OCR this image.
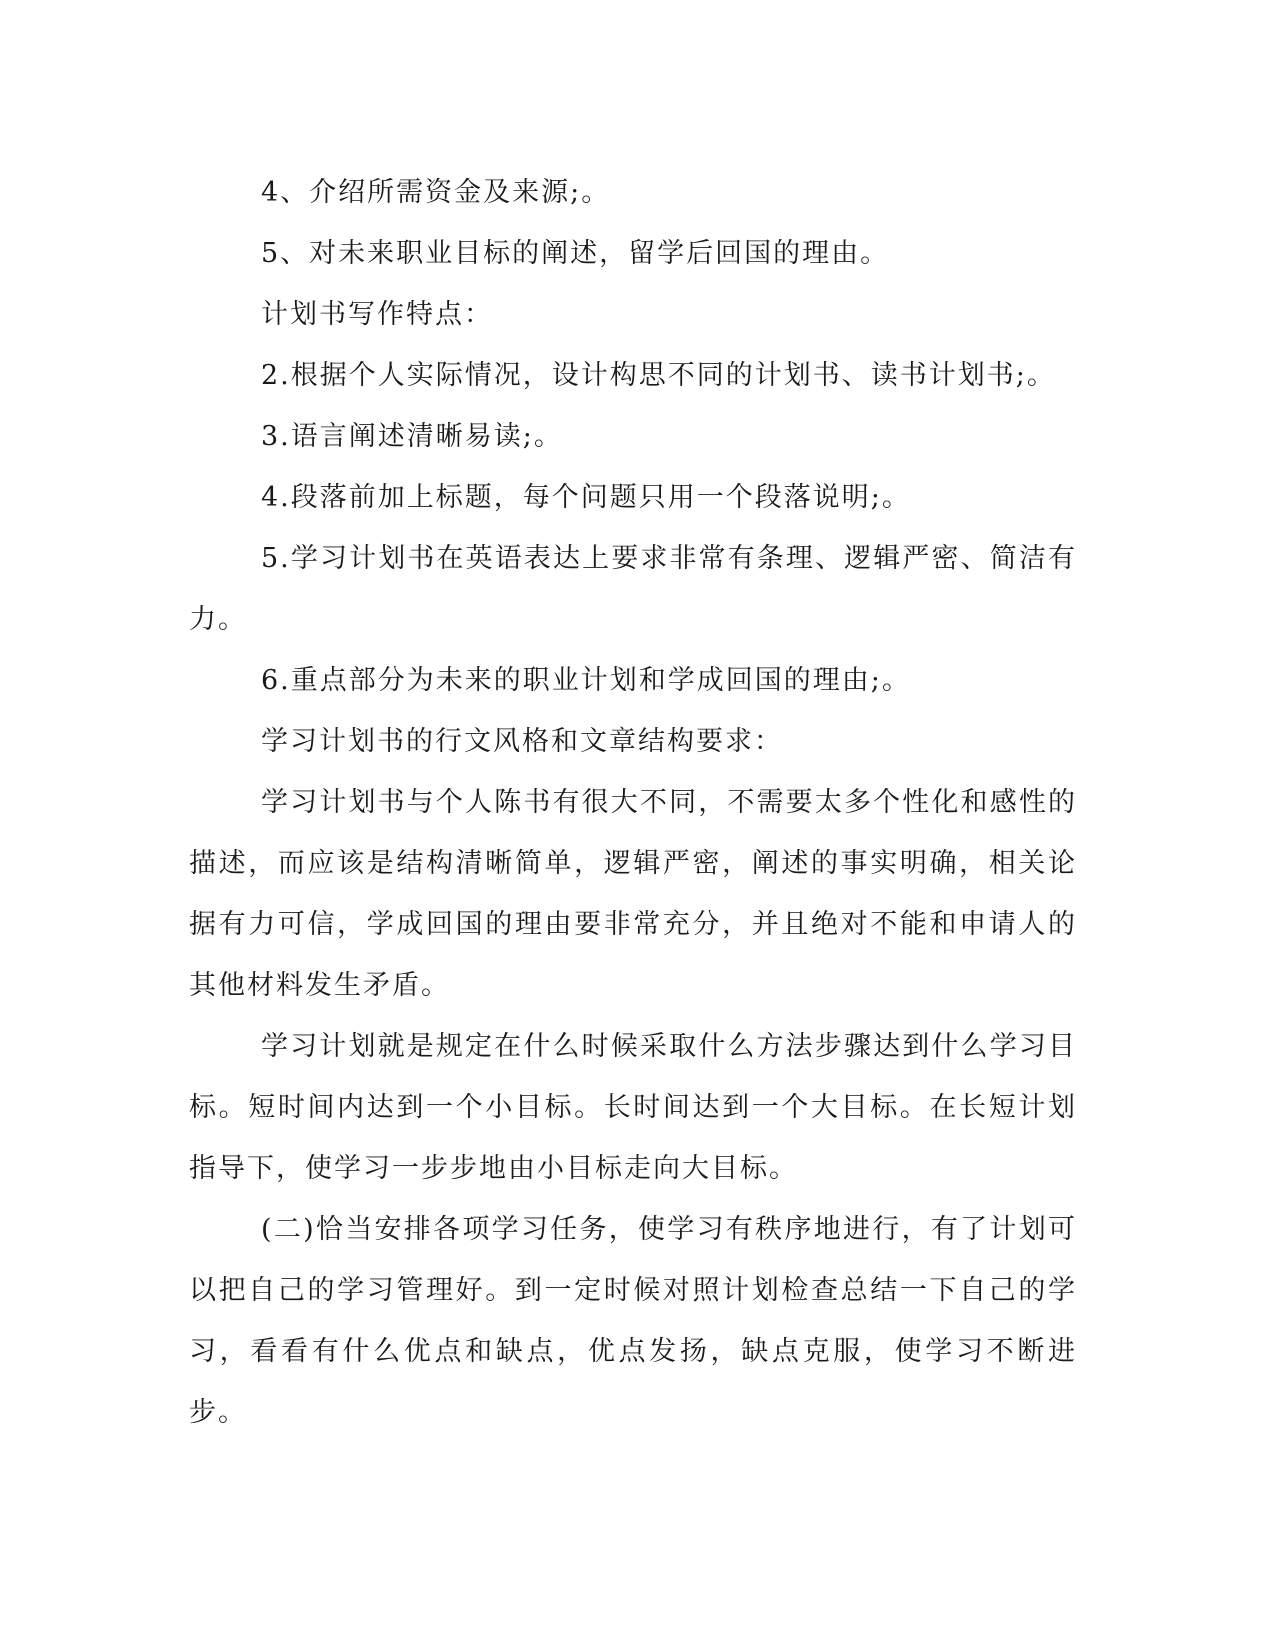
4、介绍所需资金及来源;。

5、对未来职业目标的阐述，留学后回国的理由。

计划书写作特点：

2.根据个人实际情况，设计构思不同的计划书、读书计划书;。

3.语言阐述清晰易读;。

4.段落前加上标题，每个问题只用一个段落说明;。

5.学习计划书在英语表达上要求非常有条理、逻辑严密、简洁有力。

6.重点部分为未来的职业计划和学成回国的理由;。

学习计划书的行文风格和文章结构要求：

学习计划书与个人陈书有很大不同，不需要太多个性化和感性的描述，而应该是结构清晰简单，逻辑严密，阐述的事实明确，相关论据有力可信，学成回国的理由要非常充分，并且绝对不能和申请人的其他材料发生矛盾。

学习计划就是规定在什么时候采取什么方法步骤达到什么学习目标。短时间内达到一个小目标。长时间达到一个大目标。在长短计划指导下，使学习一步步地由小目标走向大目标。

(二)恰当安排各项学习任务，使学习有秩序地进行，有了计划可以把自己的学习管理好。到一定时候对照计划检查总结一下自己的学习，看看有什么优点和缺点，优点发扬，缺点克服，使学习不断进步。
